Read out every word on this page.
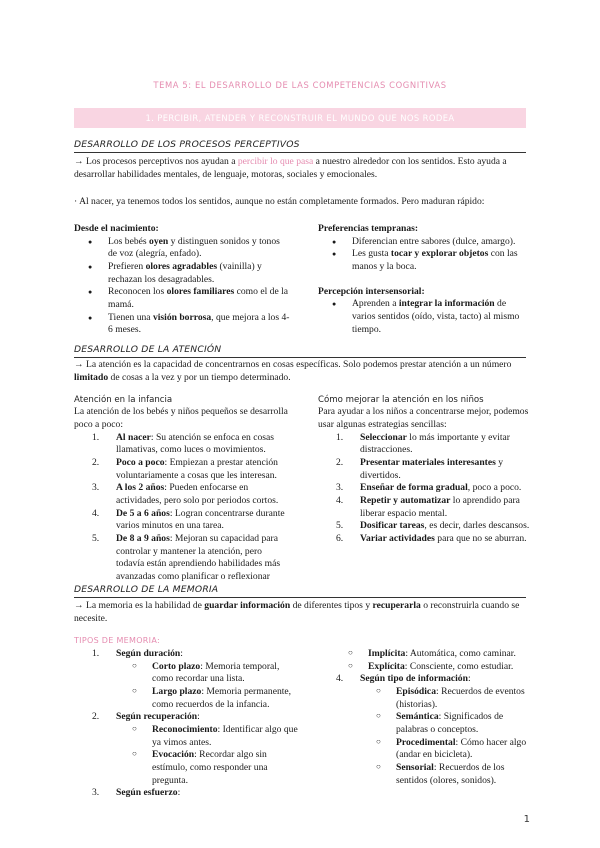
TEMA 5: EL DESARROLLO DE LAS COMPETENCIAS COGNITIVAS
1. PERCIBIR, ATENDER Y RECONSTRUIR EL MUNDO QUE NOS RODEA
DESARROLLO DE LOS PROCESOS PERCEPTIVOS
→ Los procesos perceptivos nos ayudan a percibir lo que pasa a nuestro alrededor con los sentidos. Esto ayuda a desarrollar habilidades mentales, de lenguaje, motoras, sociales y emocionales.
· Al nacer, ya tenemos todos los sentidos, aunque no están completamente formados. Pero maduran rápido:
Desde el nacimiento:
● Los bebés oyen y distinguen sonidos y tonos de voz (alegría, enfado).
● Prefieren olores agradables (vainilla) y rechazan los desagradables.
● Reconocen los olores familiares como el de la mamá.
● Tienen una visión borrosa, que mejora a los 4-6 meses.
Preferencias tempranas:
● Diferencian entre sabores (dulce, amargo).
● Les gusta tocar y explorar objetos con las manos y la boca.
Percepción intersensorial:
● Aprenden a integrar la información de varios sentidos (oído, vista, tacto) al mismo tiempo.
DESARROLLO DE LA ATENCIÓN
→ La atención es la capacidad de concentrarnos en cosas específicas. Solo podemos prestar atención a un número limitado de cosas a la vez y por un tiempo determinado.
Atención en la infancia
La atención de los bebés y niños pequeños se desarrolla poco a poco:
1. Al nacer: Su atención se enfoca en cosas llamativas, como luces o movimientos.
2. Poco a poco: Empiezan a prestar atención voluntariamente a cosas que les interesan.
3. A los 2 años: Pueden enfocarse en actividades, pero solo por periodos cortos.
4. De 5 a 6 años: Logran concentrarse durante varios minutos en una tarea.
5. De 8 a 9 años: Mejoran su capacidad para controlar y mantener la atención, pero todavía están aprendiendo habilidades más avanzadas como planificar o reflexionar
Cómo mejorar la atención en los niños
Para ayudar a los niños a concentrarse mejor, podemos usar algunas estrategias sencillas:
1. Seleccionar lo más importante y evitar distracciones.
2. Presentar materiales interesantes y divertidos.
3. Enseñar de forma gradual, poco a poco.
4. Repetir y automatizar lo aprendido para liberar espacio mental.
5. Dosificar tareas, es decir, darles descansos.
6. Variar actividades para que no se aburran.
DESARROLLO DE LA MEMORIA
→ La memoria es la habilidad de guardar información de diferentes tipos y recuperarla o reconstruirla cuando se necesite.
TIPOS DE MEMORIA:
1. Según duración:
○ Corto plazo: Memoria temporal, como recordar una lista.
○ Largo plazo: Memoria permanente, como recuerdos de la infancia.
2. Según recuperación:
○ Reconocimiento: Identificar algo que ya vimos antes.
○ Evocación: Recordar algo sin estímulo, como responder una pregunta.
3. Según esfuerzo:
○ Implícita: Automática, como caminar.
○ Explícita: Consciente, como estudiar.
4. Según tipo de información:
○ Episódica: Recuerdos de eventos (historias).
○ Semántica: Significados de palabras o conceptos.
○ Procedimental: Cómo hacer algo (andar en bicicleta).
○ Sensorial: Recuerdos de los sentidos (olores, sonidos).
1
